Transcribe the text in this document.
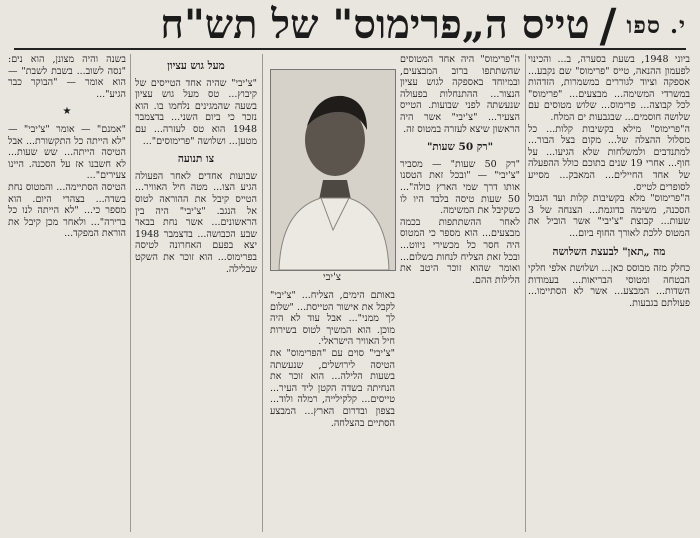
י. ספו
/
טייס ה„פרימוס" של תש"ח

ביוני 1948, בשעת בסערה, ב... והכינוי לפעמון ההנאה, טייס "פרימוס" שם נקבע... אספקה וציוד לגוררים במשמרות, הזדהות במשרדי המשימה... מבצעים... "פרימוס" לכל קבוצה... פרימוס... שלוש מטוסים עם שלושה חוסמים... שבגבעות ים המלח.

ה"פרימוס" מילא בקשיבות קלות... כל מסלול ההצלה של... מקום בצל הבור... למתנדבים ולמשלחות שלא הגיעו... על חוף... אחרי 19 שנים בתוכם כולל ההפעלה של אחד החיילים... המאבק... מסייע לסופרים לטייס.

ה"פרימוס" מלא בקשיבות קלות ועד הגבול הסכנה, משימה בדוגמת... הצנחה של 3 שעות... קבוצת "צ'יבי" אשר הוביל את המטוס ללכת לאורך החוף ביום...

מה „תאן" לבעצת השלושה

כחלק מזה מבוסס כאן... ושלושת אלפי חלקי הבטחה ומטוסי הבריאות... בעמודות השדות... המבצע... אשר לא הסתיימו... פעולתם בגבעות.

ה"פרימוס" היה אחד המטוסים שהשתתפו ברוב המבצעים, ובמיוחד באספקה לגוש עציון הנצור... ההתנחלות בפעולה שנעשתה לפני שבועות. הטייס הצעיר... "צ'יבי" אשר היה הראשון שיצא לעזרה במטוס זה.

"רק 50 שעות"

"רק 50 שעות" — מסביר "צ'יבי" — "ובכל זאת הטסנו אותו דרך שמי הארץ כולה"... 50 שעות טיסה בלבד היו לו כשקיבל את המשימה.

לאחר ההשתתפות בכמה מבצעים... הוא מספר כי המטוס היה חסר כל מכשירי ניווט... ובכל זאת הצליח לנחות בשלום... ואומר שהוא זוכר היטב את הלילות ההם.

באותם הימים, הצליח... "צ'יבי" לקבל את אישור הטייסת... "שלום לך ממני"... אבל עוד לא היה מוכן. הוא המשיך לטוס בשירות חיל האוויר הישראלי.

"צ'יבי" סוים עם "הפרימוס" את הטיסה לירושלים, שנעשתה בשעות הלילה... הוא זוכר את הנחיתה בשדה הקטן ליד העיר... טייסים... קלקילייה, רמלה ולוד... בצפון ובדרום הארץ... המבצע הסתיים בהצלחה.

צ'יבי
מעל גוש עציון

"צ'יבי" שהיה אחד הטייסים של קיבוץ... טס מעל גוש עציון בשעה שהמגינים נלחמו בו. הוא נזכר כי ביום השני... בדצמבר 1948 הוא טס לעזרה... עם מטען... ושלושה "פרימוסים"...

צו תנועה

שבועות אחדים לאחר הפעולה הגיע הצו... מטה חיל האוויר... הטייס קיבל את ההוראה לטוס אל הנגב. "צ'יבי" היה בין הראשונים... אשר נחת בבאר שבע הכבושה... בדצמבר 1948 יצא בפעם האחרונה לטיסה בפרימוס... הוא זוכר את השקט שבלילה.

בשנה והיה מצונן, הוא נים: "נסה לשוב... בשבת לשבת" — הוא אומר — "הבוקר כבר הגיע"...

★

"אמנם" — אומר "צ'יבי" — "לא הייתה כל התקשורת... אבל הטיסה הייתה... שש שעות... לא חשבנו אז על הסכנה. היינו צעירים"...

הטיסה הסתיימה... והמטוס נחת בשדה... בצהרי היום. הוא מספר כי... "לא הייתה לנו כל ברירה"... ולאחר מכן קיבל את הוראת המפקד...
